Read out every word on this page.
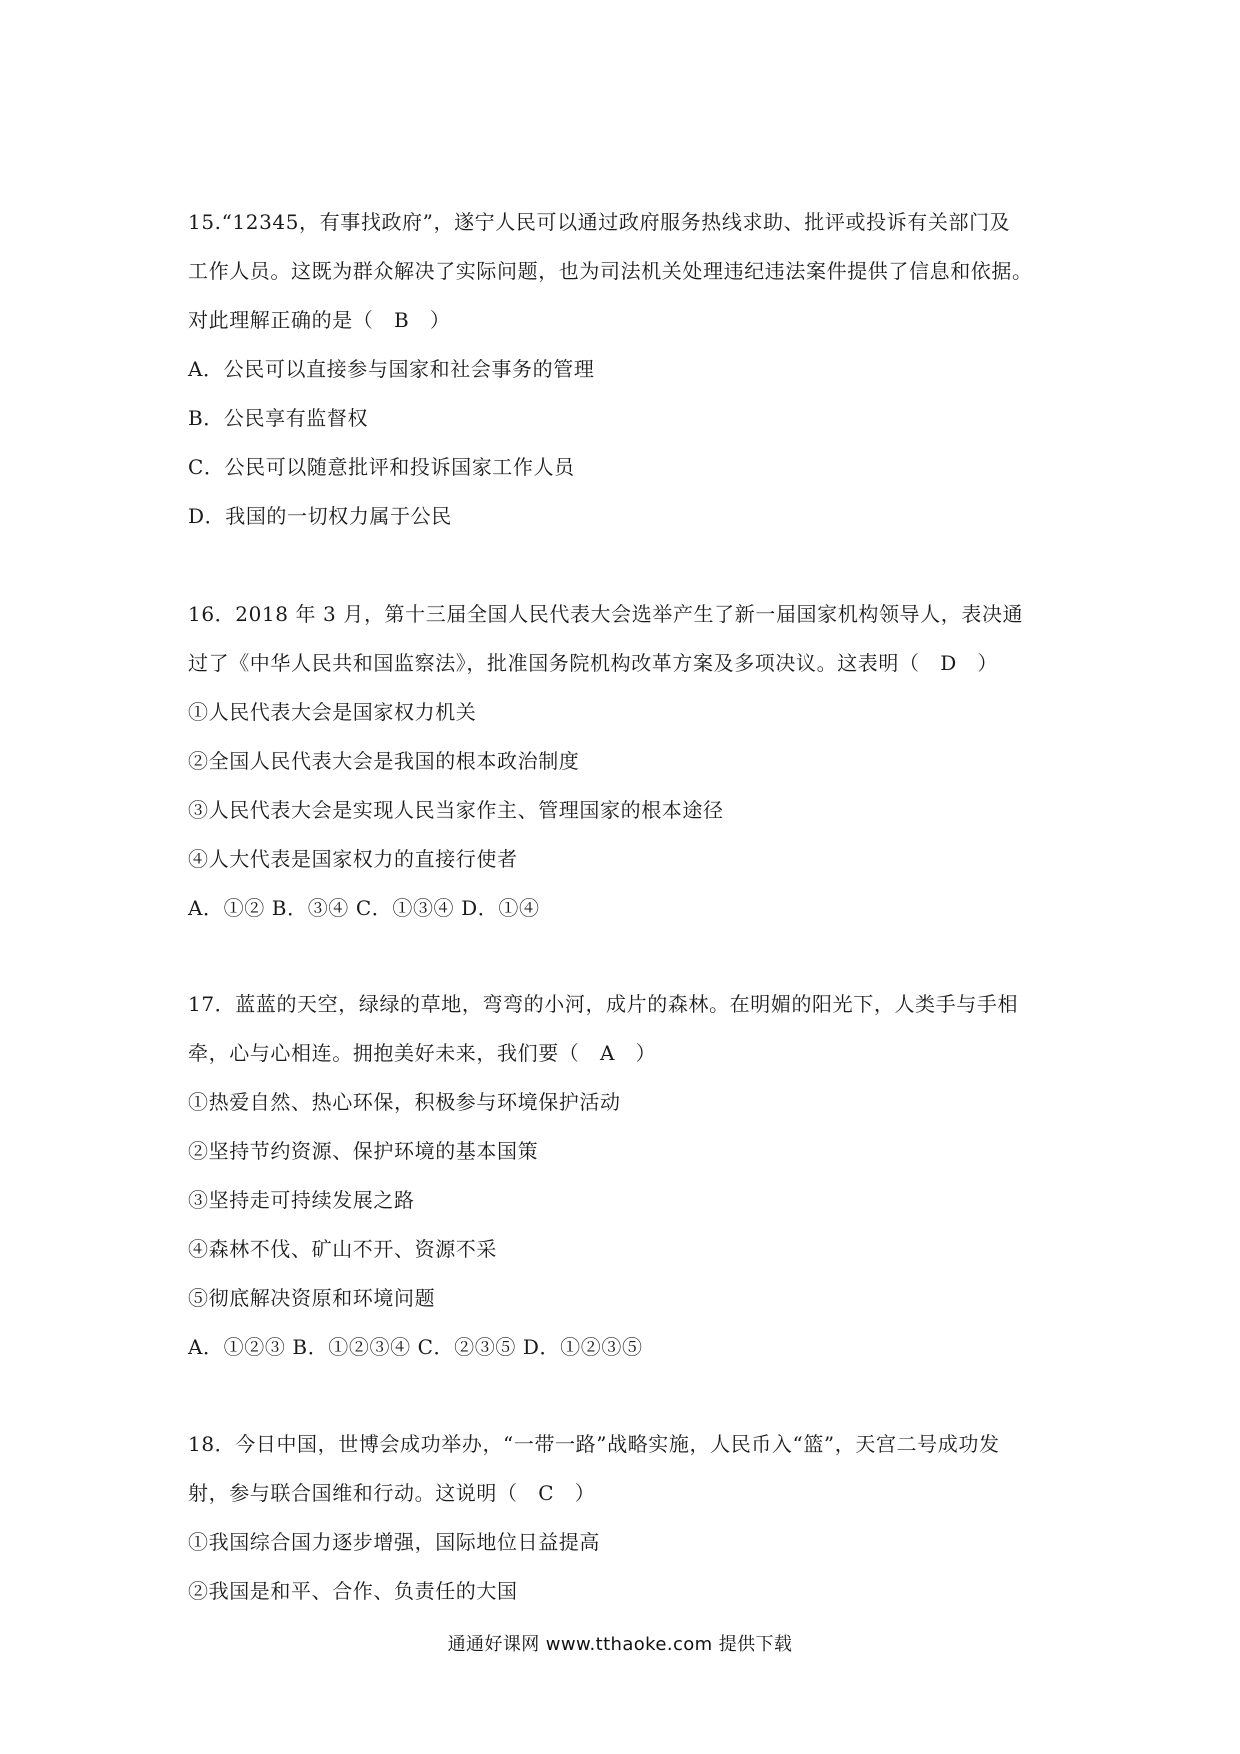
15.“12345，有事找政府”，遂宁人民可以通过政府服务热线求助、批评或投诉有关部门及
工作人员。这既为群众解决了实际问题，也为司法机关处理违纪违法案件提供了信息和依据。
对此理解正确的是（　B　）
A．公民可以直接参与国家和社会事务的管理
B．公民享有监督权
C．公民可以随意批评和投诉国家工作人员
D．我国的一切权力属于公民
16．2018 年 3 月，第十三届全国人民代表大会选举产生了新一届国家机构领导人，表决通
过了《中华人民共和国监察法》，批准国务院机构改革方案及多项决议。这表明（　D　）
①人民代表大会是国家权力机关
②全国人民代表大会是我国的根本政治制度
③人民代表大会是实现人民当家作主、管理国家的根本途径
④人大代表是国家权力的直接行使者
A．①② B．③④ C．①③④ D．①④
17．蓝蓝的天空，绿绿的草地，弯弯的小河，成片的森林。在明媚的阳光下，人类手与手相
牵，心与心相连。拥抱美好未来，我们要（　A　）
①热爱自然、热心环保，积极参与环境保护活动
②坚持节约资源、保护环境的基本国策
③坚持走可持续发展之路
④森林不伐、矿山不开、资源不采
⑤彻底解决资原和环境问题
A．①②③ B．①②③④ C．②③⑤ D．①②③⑤
18．今日中国，世博会成功举办，“一带一路”战略实施，人民币入“篮”，天宫二号成功发
射，参与联合国维和行动。这说明（　C　）
①我国综合国力逐步增强，国际地位日益提高
②我国是和平、合作、负责任的大国
通通好课网 www.tthaoke.com 提供下载
